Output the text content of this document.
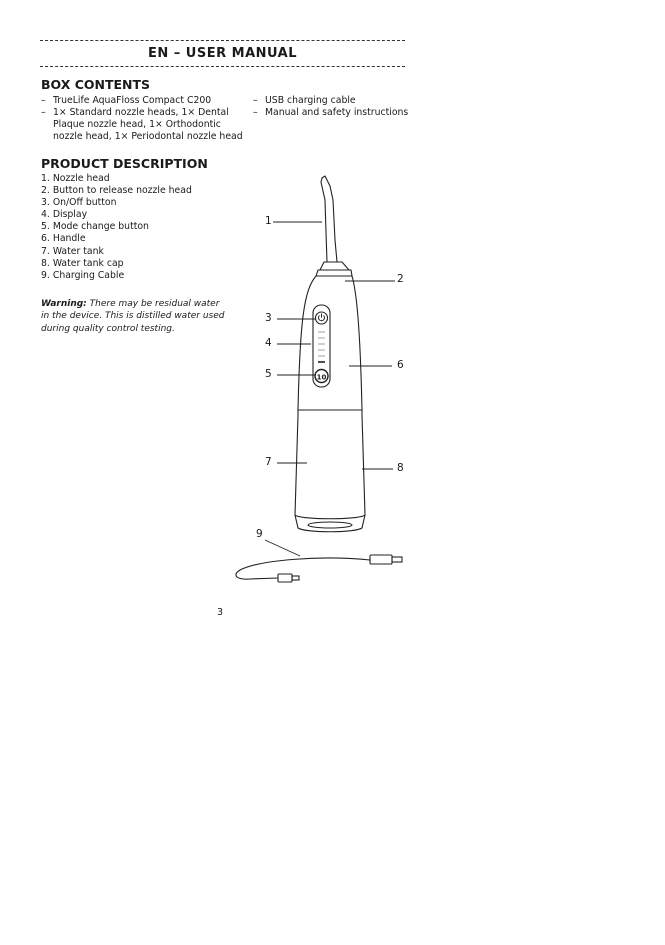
EN – USER MANUAL
BOX CONTENTS
– TrueLife AquaFloss Compact C200
– 1× Standard nozzle heads, 1× Dental
Plaque nozzle head, 1× Orthodontic
nozzle head, 1× Periodontal nozzle head
– USB charging cable
– Manual and safety instructions
PRODUCT DESCRIPTION
1. Nozzle head
2. Button to release nozzle head
3. On/Off button
4. Display
5. Mode change button
6. Handle
7. Water tank
8. Water tank cap
9. Charging Cable
Warning: There may be residual water
in the device. This is distilled water used
during quality control testing.
10
1
2
3
4
5
6
7	8
9
3
